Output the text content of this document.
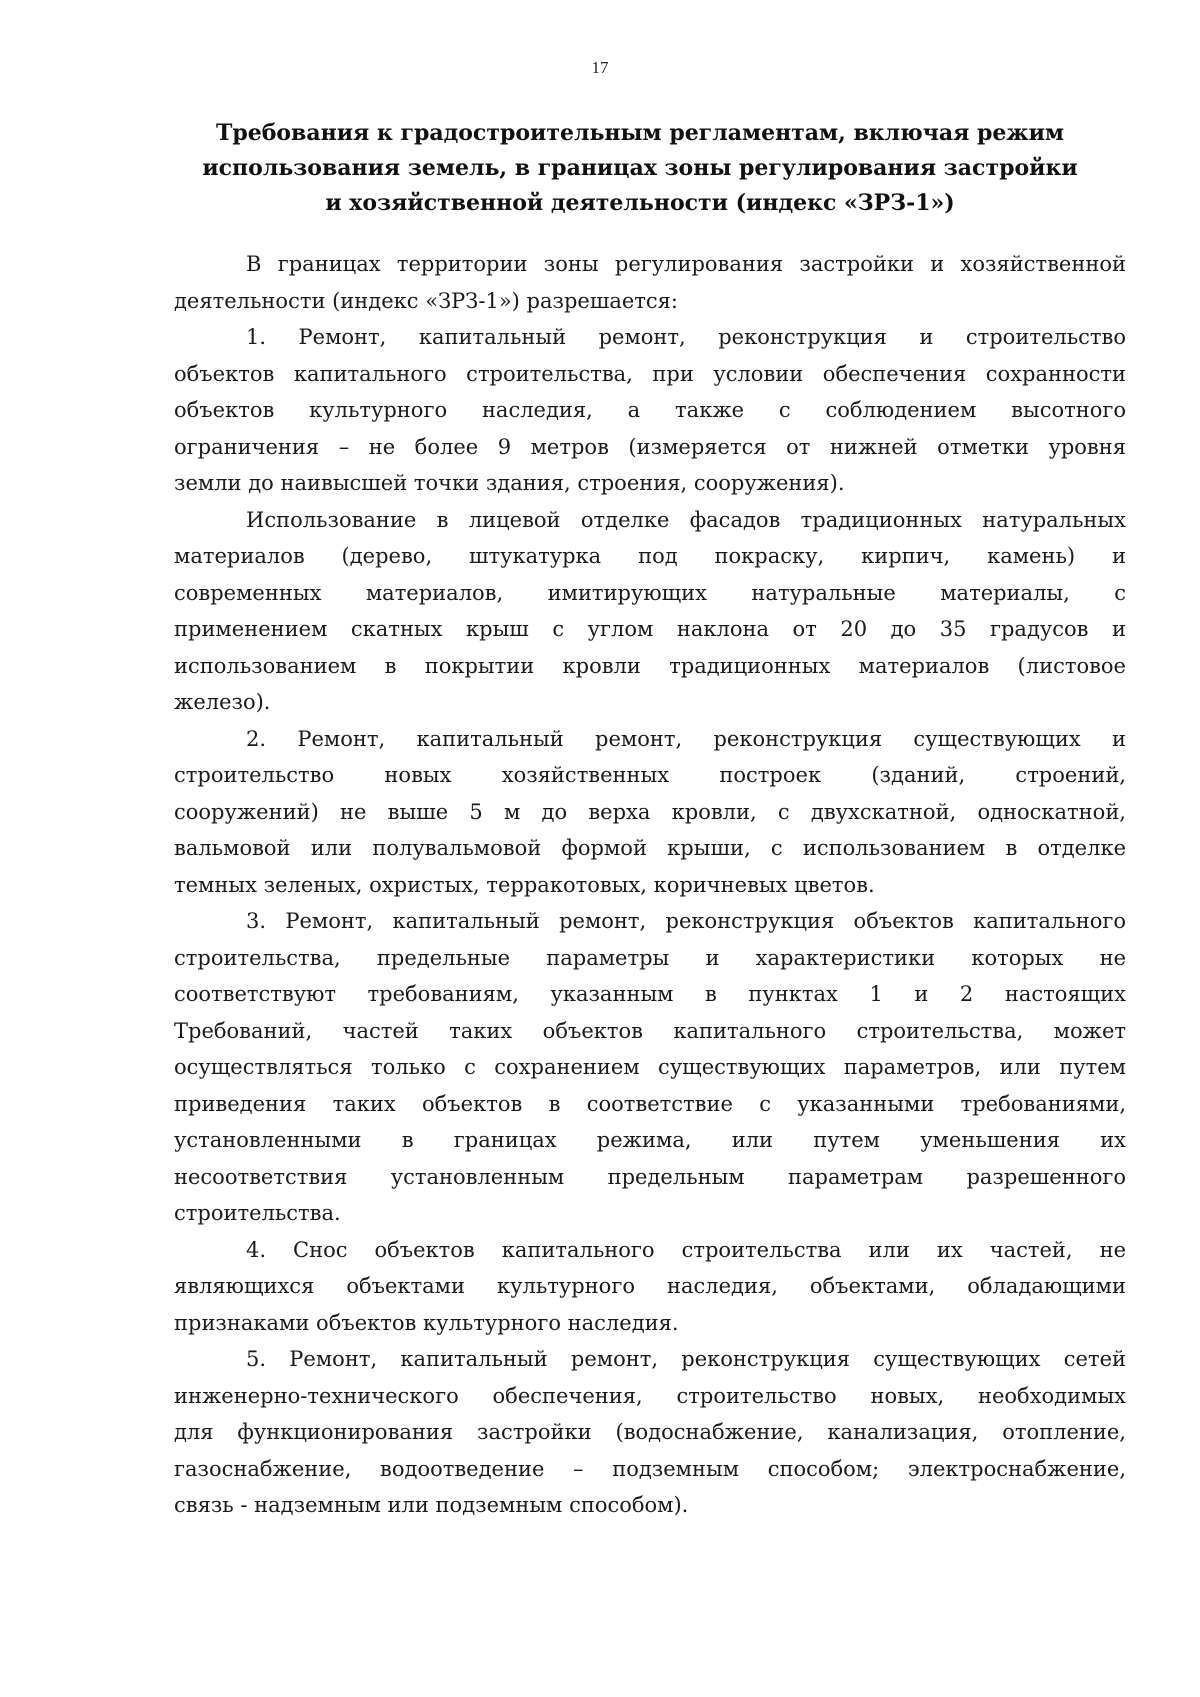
17
Требования к градостроительным регламентам, включая режим
использования земель, в границах зоны регулирования застройки
и хозяйственной деятельности (индекс «ЗРЗ-1»)
В границах территории зоны регулирования застройки и хозяйственной
деятельности (индекс «ЗРЗ-1») разрешается:
1. Ремонт, капитальный ремонт, реконструкция и строительство
объектов капитального строительства, при условии обеспечения сохранности
объектов культурного наследия, а также с соблюдением высотного
ограничения – не более 9 метров (измеряется от нижней отметки уровня
земли до наивысшей точки здания, строения, сооружения).
Использование в лицевой отделке фасадов традиционных натуральных
материалов (дерево, штукатурка под покраску, кирпич, камень) и
современных материалов, имитирующих натуральные материалы, с
применением скатных крыш с углом наклона от 20 до 35 градусов и
использованием в покрытии кровли традиционных материалов (листовое
железо).
2. Ремонт, капитальный ремонт, реконструкция существующих и
строительство новых хозяйственных построек (зданий, строений,
сооружений) не выше 5 м до верха кровли, с двухскатной, односкатной,
вальмовой или полувальмовой формой крыши, с использованием в отделке
темных зеленых, охристых, терракотовых, коричневых цветов.
3. Ремонт, капитальный ремонт, реконструкция объектов капитального
строительства, предельные параметры и характеристики которых не
соответствуют требованиям, указанным в пунктах 1 и 2 настоящих
Требований, частей таких объектов капитального строительства, может
осуществляться только с сохранением существующих параметров, или путем
приведения таких объектов в соответствие с указанными требованиями,
установленными в границах режима, или путем уменьшения их
несоответствия установленным предельным параметрам разрешенного
строительства.
4. Снос объектов капитального строительства или их частей, не
являющихся объектами культурного наследия, объектами, обладающими
признаками объектов культурного наследия.
5. Ремонт, капитальный ремонт, реконструкция существующих сетей
инженерно-технического обеспечения, строительство новых, необходимых
для функционирования застройки (водоснабжение, канализация, отопление,
газоснабжение, водоотведение – подземным способом; электроснабжение,
связь - надземным или подземным способом).
